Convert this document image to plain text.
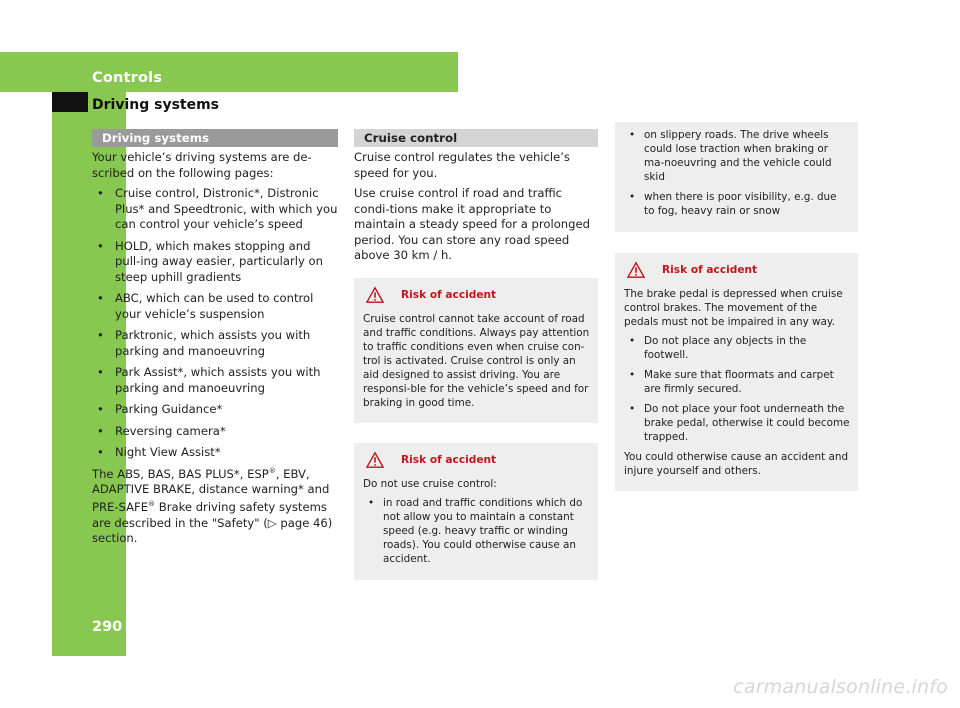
Controls
Driving systems
290
Driving systems

Your vehicle’s driving systems are de-scribed on the following pages:

• Cruise control, Distronic*, Distronic Plus* and Speedtronic, with which you can control your vehicle’s speed
• HOLD, which makes stopping and pull-ing away easier, particularly on steep uphill gradients
• ABC, which can be used to control your vehicle’s suspension
• Parktronic, which assists you with parking and manoeuvring
• Park Assist*, which assists you with parking and manoeuvring
• Parking Guidance*
• Reversing camera*
• Night View Assist*

The ABS, BAS, BAS PLUS*, ESP®, EBV, ADAPTIVE BRAKE, distance warning* and PRE-SAFE® Brake driving safety systems are described in the "Safety" (▷ page 46) section.

Cruise control

Cruise control regulates the vehicle’s speed for you.

Use cruise control if road and traffic condi-tions make it appropriate to maintain a steady speed for a prolonged period. You can store any road speed above 30 km / h.

Risk of accident

Cruise control cannot take account of road and traffic conditions. Always pay attention to traffic conditions even when cruise con-trol is activated. Cruise control is only an aid designed to assist driving. You are responsi-ble for the vehicle’s speed and for braking in good time.

Risk of accident

Do not use cruise control:

• in road and traffic conditions which do not allow you to maintain a constant speed (e.g. heavy traffic or winding roads). You could otherwise cause an accident.
• on slippery roads. The drive wheels could lose traction when braking or ma-noeuvring and the vehicle could skid
• when there is poor visibility, e.g. due to fog, heavy rain or snow
Risk of accident

The brake pedal is depressed when cruise control brakes. The movement of the pedals must not be impaired in any way.

• Do not place any objects in the footwell.
• Make sure that floormats and carpet are firmly secured.
• Do not place your foot underneath the brake pedal, otherwise it could become trapped.

You could otherwise cause an accident and injure yourself and others.

carmanualsonline.info
